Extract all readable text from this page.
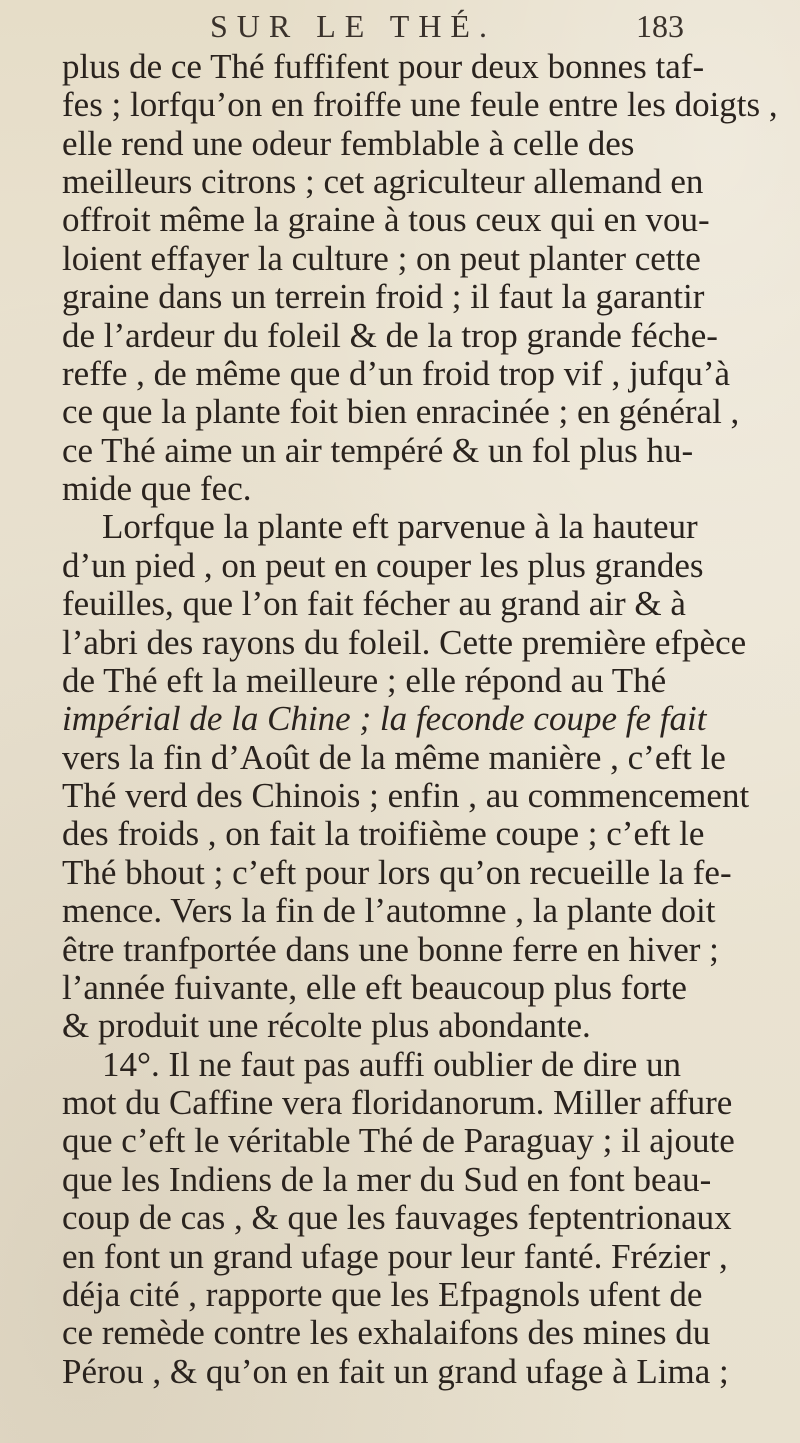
SUR LE THÉ.	183
plus de ce Thé fuffifent pour deux bonnes taf-
fes ; lorfqu’on en froiffe une feule entre les doigts ,
elle rend une odeur femblable à celle des
meilleurs citrons ; cet agriculteur allemand en
offroit même la graine à tous ceux qui en vou-
loient effayer la culture ; on peut planter cette
graine dans un terrein froid ; il faut la garantir
de l’ardeur du foleil & de la trop grande féche-
reffe , de même que d’un froid trop vif , jufqu’à
ce que la plante foit bien enracinée ; en général ,
ce Thé aime un air tempéré & un fol plus hu-
mide que fec.
Lorfque la plante eft parvenue à la hauteur
d’un pied , on peut en couper les plus grandes
feuilles, que l’on fait fécher au grand air & à
l’abri des rayons du foleil. Cette première efpèce
de Thé eft la meilleure ; elle répond au Thé
impérial de la Chine ; la feconde coupe fe fait
vers la fin d’Août de la même manière , c’eft le
Thé verd des Chinois ; enfin , au commencement
des froids , on fait la troifième coupe ; c’eft le
Thé bhout ; c’eft pour lors qu’on recueille la fe-
mence. Vers la fin de l’automne , la plante doit
être tranfportée dans une bonne ferre en hiver ;
l’année fuivante, elle eft beaucoup plus forte
& produit une récolte plus abondante.
14°. Il ne faut pas auffi oublier de dire un
mot du Caffine vera floridanorum. Miller affure
que c’eft le véritable Thé de Paraguay ; il ajoute
que les Indiens de la mer du Sud en font beau-
coup de cas , & que les fauvages feptentrionaux
en font un grand ufage pour leur fanté. Frézier ,
déja cité , rapporte que les Efpagnols ufent de
ce remède contre les exhalaifons des mines du
Pérou , & qu’on en fait un grand ufage à Lima ;
